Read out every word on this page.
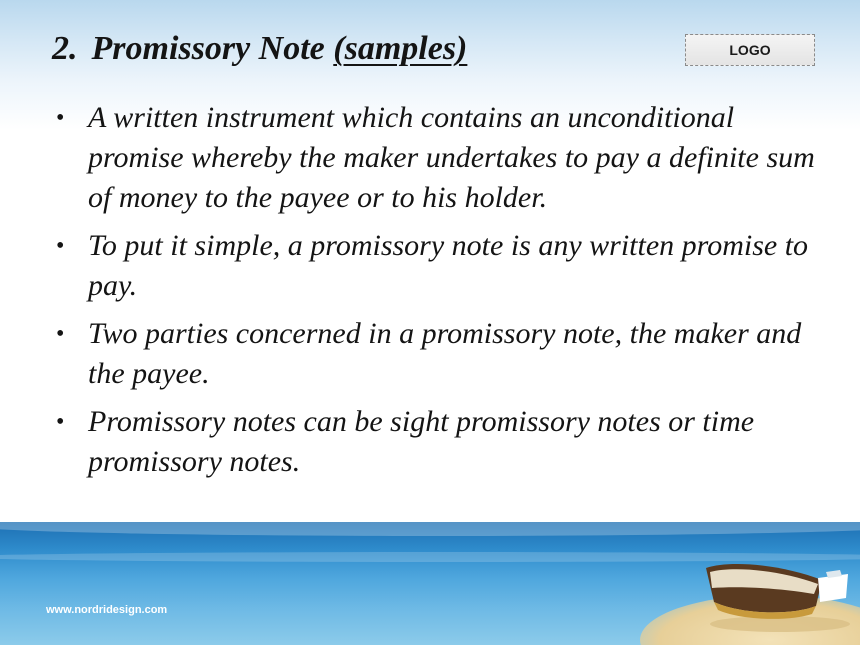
2. Promissory Note (samples)	LOGO
• A written instrument which contains an unconditional promise whereby the maker undertakes to pay a definite sum of money to the payee or to his holder.
• To put it simple, a promissory note is any written promise to pay.
• Two parties concerned in a promissory note, the maker and the payee.
• Promissory notes can be sight promissory notes or time promissory notes.
www.nordridesign.com
